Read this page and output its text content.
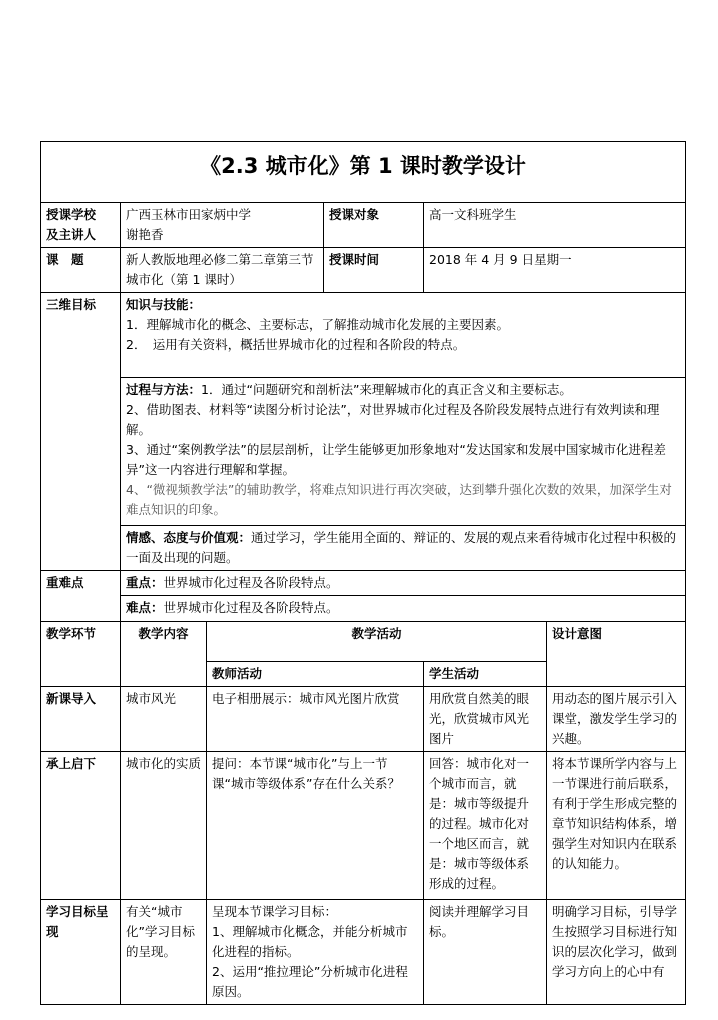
《2.3 城市化》第 1 课时教学设计					

授课学校
及主讲人	广西玉林市田家炳中学
谢艳香		授课对象	高一文科班学生	
课　题	新人教版地理必修二第二章第三节 城市化（第 1 课时）		授课时间	2018 年 4 月 9 日星期一	
三维目标	知识与技能：
1．理解城市化的概念、主要标志，了解推动城市化发展的主要因素。
2．　运用有关资料，概括世界城市化的过程和各阶段的特点。				

	过程与方法：1．通过“问题研究和剖析法”来理解城市化的真正含义和主要标志。
2、借助图表、材料等“读图分析讨论法”，对世界城市化过程及各阶段发展特点进行有效判读和理解。
3、通过“案例教学法”的层层剖析，让学生能够更加形象地对“发达国家和发展中国家城市化进程差异”这一内容进行理解和掌握。
4、“微视频教学法”的辅助教学，将难点知识进行再次突破，达到攀升强化次数的效果，加深学生对难点知识的印象。				

	情感、态度与价值观：通过学习，学生能用全面的、辩证的、发展的观点来看待城市化过程中积极的一面及出现的问题。				
重难点	重点：世界城市化过程及各阶段特点。				
	难点：世界城市化过程及各阶段特点。				
教学环节	教学内容	教学活动			设计意图
		教师活动		学生活动	
新课导入	城市风光	电子相册展示：城市风光图片欣赏		用欣赏自然美的眼光，欣赏城市风光图片	用动态的图片展示引入课堂，激发学生学习的兴趣。
承上启下	城市化的实质	提问：本节课“城市化”与上一节课“城市等级体系”存在什么关系？		回答：城市化对一个城市而言，就是：城市等级提升的过程。城市化对一个地区而言，就是：城市等级体系形成的过程。	将本节课所学内容与上一节课进行前后联系，有利于学生形成完整的章节知识结构体系，增强学生对知识内在联系的认知能力。
学习目标呈现	有关“城市化”学习目标的呈现。	呈现本节课学习目标：
1、理解城市化概念，并能分析城市化进程的指标。
2、运用“推拉理论”分析城市化进程原因。		阅读并理解学习目标。	明确学习目标，引导学生按照学习目标进行知识的层次化学习，做到学习方向上的心中有
